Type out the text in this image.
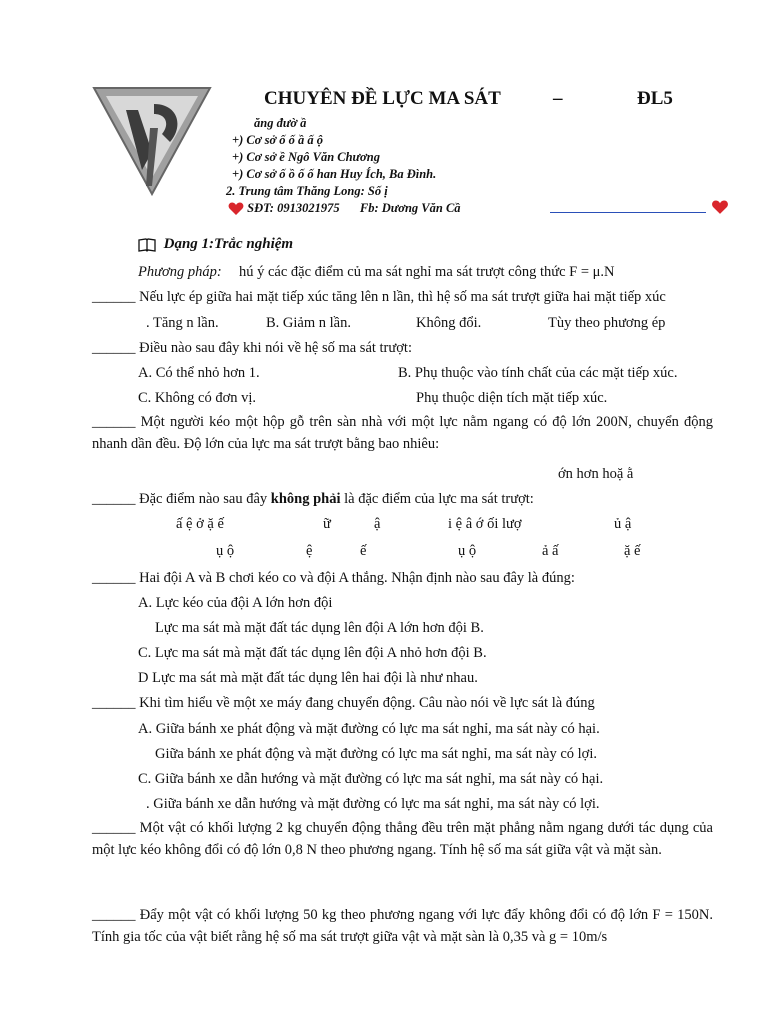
CHUYÊN ĐỀ LỰC MA SÁT	–	ĐL5
ăng đườ ầ
+) Cơ sở ố ố ầ ấ ộ
+) Cơ sở ề Ngô Văn Chương
+) Cơ sở ố ồ ố ố han Huy Ích, Ba Đình.
2. Trung tâm Thăng Long: Số ị
SĐT: 0913021975 Fb: Dương Văn Cầ
Dạng 1:Trắc nghiệm
Phương pháp: hú ý các đặc điểm củ ma sát nghỉ ma sát trượt công thức F = μ.N
______ Nếu lực ép giữa hai mặt tiếp xúc tăng lên n lần, thì hệ số ma sát trượt giữa hai mặt tiếp xúc
. Tăng n lần.	B. Giảm n lần.	Không đổi.	Tùy theo phương ép
______ Điều nào sau đây khi nói về hệ số ma sát trượt:
A. Có thể nhỏ hơn 1.	B. Phụ thuộc vào tính chất của các mặt tiếp xúc.
C. Không có đơn vị.	Phụ thuộc diện tích mặt tiếp xúc.
______ Một người kéo một hộp gỗ trên sàn nhà với một lực nằm ngang có độ lớn 200N, chuyển động nhanh dần đều. Độ lớn của lực ma sát trượt bằng bao nhiêu:
ớn hơn hoặ ằ
______ Đặc điểm nào sau đây không phải là đặc điểm của lực ma sát trượt:
ấ ệ ở ặ ế	ữ	ậ	i ệ â ớ ối lượ	ủ ậ
ụ ộ	ệ	ế	ụ ộ	ả ấ	ặ ế
______ Hai đội A và B chơi kéo co và đội A thắng. Nhận định nào sau đây là đúng:
A. Lực kéo của đội A lớn hơn đội
Lực ma sát mà mặt đất tác dụng lên đội A lớn hơn đội B.
C. Lực ma sát mà mặt đất tác dụng lên đội A nhỏ hơn đội B.
D Lực ma sát mà mặt đất tác dụng lên hai đội là như nhau.
______ Khi tìm hiểu về một xe máy đang chuyển động. Câu nào nói về lực sát là đúng
A. Giữa bánh xe phát động và mặt đường có lực ma sát nghỉ, ma sát này có hại.
Giữa bánh xe phát động và mặt đường có lực ma sát nghỉ, ma sát này có lợi.
C. Giữa bánh xe dẫn hướng và mặt đường có lực ma sát nghỉ, ma sát này có hại.
. Giữa bánh xe dẫn hướng và mặt đường có lực ma sát nghỉ, ma sát này có lợi.
______ Một vật có khối lượng 2 kg chuyển động thẳng đều trên mặt phẳng nằm ngang dưới tác dụng của một lực kéo không đổi có độ lớn 0,8 N theo phương ngang. Tính hệ số ma sát giữa vật và mặt sàn.
______ Đẩy một vật có khối lượng 50 kg theo phương ngang với lực đẩy không đổi có độ lớn F = 150N. Tính gia tốc của vật biết rằng hệ số ma sát trượt giữa vật và mặt sàn là 0,35 và g = 10m/s
